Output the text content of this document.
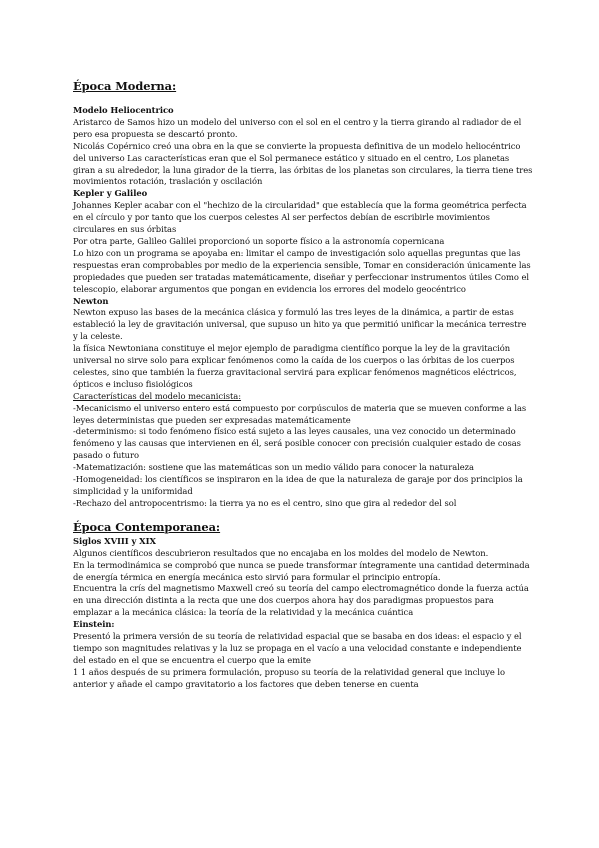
Época Moderna:

Modelo Heliocentrico

Aristarco de Samos hizo un modelo del universo con el sol en el centro y la tierra girando al radiador de el pero esa propuesta se descartó pronto.

Nicolás Copérnico creó una obra en la que se convierte la propuesta definitiva de un modelo heliocéntrico del universo Las características eran que el Sol permanece estático y situado en el centro, Los planetas giran a su alrededor, la luna girador de la tierra, las órbitas de los planetas son circulares, la tierra tiene tres movimientos rotación, traslación y oscilación

Kepler y Galileo

Johannes Kepler acabar con el "hechizo de la circularidad" que establecía que la forma geométrica perfecta en el círculo y por tanto que los cuerpos celestes Al ser perfectos debían de escribirle movimientos circulares en sus órbitas

Por otra parte, Galileo Galilei proporcionó un soporte físico a la astronomía copernicana

Lo hizo con un programa se apoyaba en: limitar el campo de investigación solo aquellas preguntas que las respuestas eran comprobables por medio de la experiencia sensible, Tomar en consideración únicamente las propiedades que pueden ser tratadas matemáticamente, diseñar y perfeccionar instrumentos útiles Como el telescopio, elaborar argumentos que pongan en evidencia los errores del modelo geocéntrico

Newton

Newton expuso las bases de la mecánica clásica y formuló las tres leyes de la dinámica, a partir de estas estableció la ley de gravitación universal, que supuso un hito ya que permitió unificar la mecánica terrestre y la celeste.

la física Newtoniana constituye el mejor ejemplo de paradigma científico porque la ley de la gravitación universal no sirve solo para explicar fenómenos como la caída de los cuerpos o las órbitas de los cuerpos celestes, sino que también la fuerza gravitacional servirá para explicar fenómenos magnéticos eléctricos, ópticos e incluso fisiológicos

Características del modelo mecanicista:

-Mecanicismo el universo entero está compuesto por corpúsculos de materia que se mueven conforme a las leyes deterministas que pueden ser expresadas matemáticamente

-determinismo: si todo fenómeno físico está sujeto a las leyes causales, una vez conocido un determinado fenómeno y las causas que intervienen en él, será posible conocer con precisión cualquier estado de cosas pasado o futuro

-Matematización: sostiene que las matemáticas son un medio válido para conocer la naturaleza

-Homogeneidad: los científicos se inspiraron en la idea de que la naturaleza de garaje por dos principios la simplicidad y la uniformidad

-Rechazo del antropocentrismo: la tierra ya no es el centro, sino que gira al rededor del sol

Época Contemporanea:

Siglos XVIII y XIX

Algunos científicos descubrieron resultados que no encajaba en los moldes del modelo de Newton.

En la termodinámica se comprobó que nunca se puede transformar íntegramente una cantidad determinada de energía térmica en energía mecánica esto sirvió para formular el principio entropía.

Encuentra la crís del magnetismo Maxwell creó su teoría del campo electromagnético donde la fuerza actúa en una dirección distinta a la recta que une dos cuerpos ahora hay dos paradigmas propuestos para emplazar a la mecánica clásica: la teoría de la relatividad y la mecánica cuántica

Einstein:

Presentó la primera versión de su teoría de relatividad espacial que se basaba en dos ideas: el espacio y el tiempo son magnitudes relativas y la luz se propaga en el vacío a una velocidad constante e independiente del estado en el que se encuentra el cuerpo que la emite

1 1 años después de su primera formulación, propuso su teoría de la relatividad general que incluye lo anterior y añade el campo gravitatorio a los factores que deben tenerse en cuenta
